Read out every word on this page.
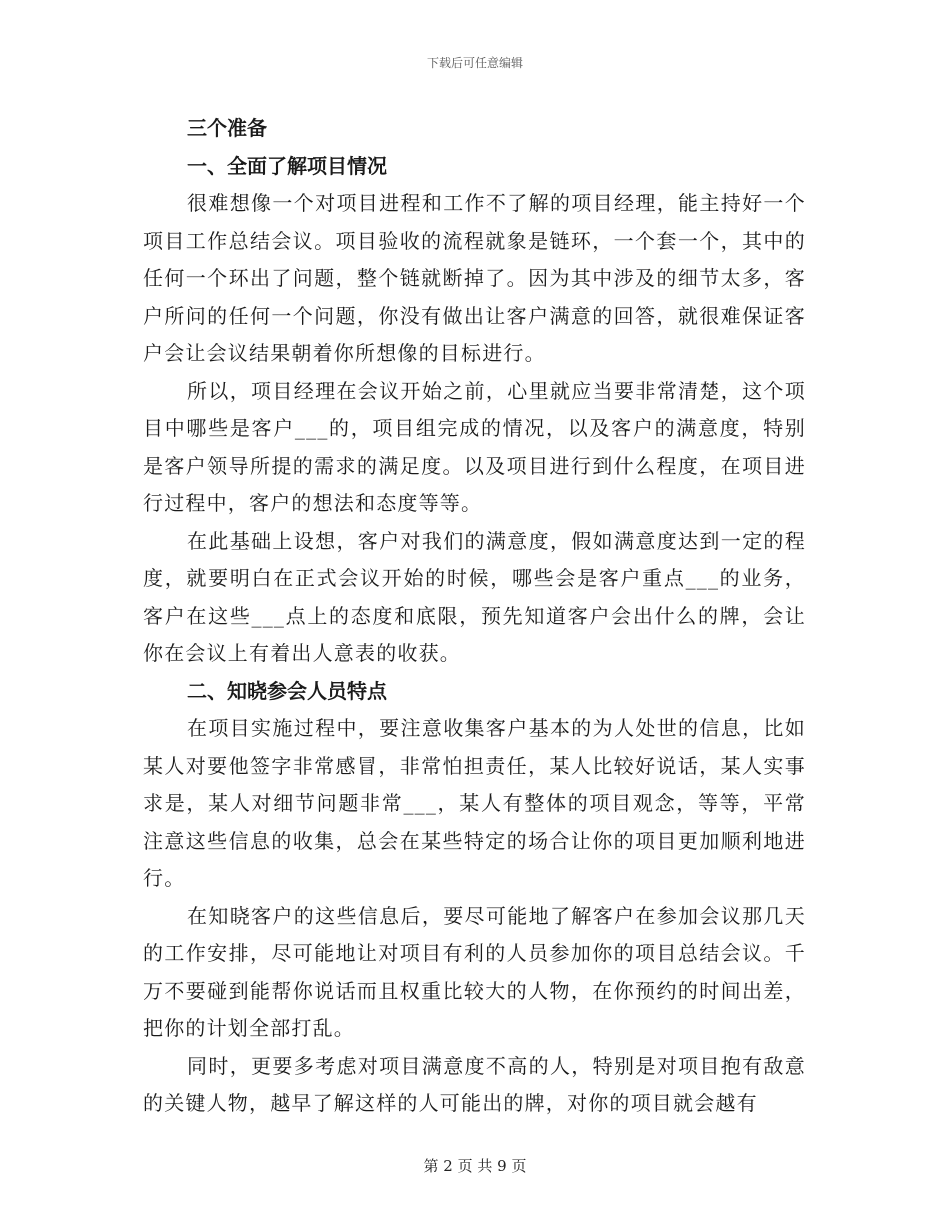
下载后可任意编辑

三个准备

一、全面了解项目情况

很难想像一个对项目进程和工作不了解的项目经理，能主持好一个项目工作总结会议。项目验收的流程就象是链环，一个套一个，其中的任何一个环出了问题，整个链就断掉了。因为其中涉及的细节太多，客户所问的任何一个问题，你没有做出让客户满意的回答，就很难保证客户会让会议结果朝着你所想像的目标进行。

所以，项目经理在会议开始之前，心里就应当要非常清楚，这个项目中哪些是客户___的，项目组完成的情况，以及客户的满意度，特别是客户领导所提的需求的满足度。以及项目进行到什么程度，在项目进行过程中，客户的想法和态度等等。

在此基础上设想，客户对我们的满意度，假如满意度达到一定的程度，就要明白在正式会议开始的时候，哪些会是客户重点___的业务，客户在这些___点上的态度和底限，预先知道客户会出什么的牌，会让你在会议上有着出人意表的收获。

二、知晓参会人员特点

在项目实施过程中，要注意收集客户基本的为人处世的信息，比如某人对要他签字非常感冒，非常怕担责任，某人比较好说话，某人实事求是，某人对细节问题非常___，某人有整体的项目观念，等等，平常注意这些信息的收集，总会在某些特定的场合让你的项目更加顺利地进行。

在知晓客户的这些信息后，要尽可能地了解客户在参加会议那几天的工作安排，尽可能地让对项目有利的人员参加你的项目总结会议。千万不要碰到能帮你说话而且权重比较大的人物，在你预约的时间出差，把你的计划全部打乱。

同时，更要多考虑对项目满意度不高的人，特别是对项目抱有敌意的关键人物，越早了解这样的人可能出的牌，对你的项目就会越有

第 2 页 共 9 页
